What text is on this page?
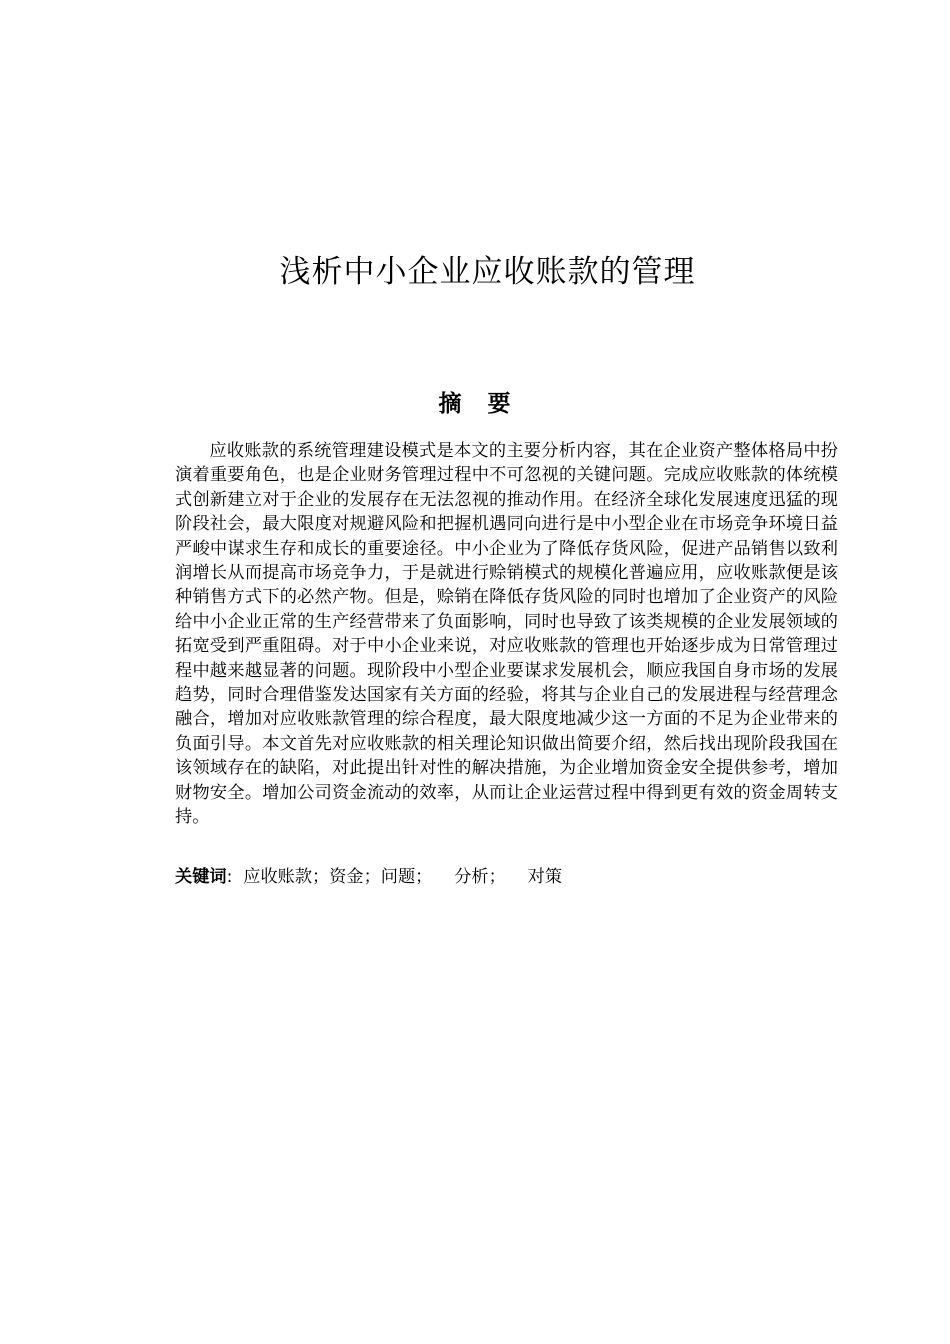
浅析中小企业应收账款的管理
摘要

应收账款的系统管理建设模式是本文的主要分析内容，其在企业资产整体格局中扮演着重要角色，也是企业财务管理过程中不可忽视的关键问题。完成应收账款的体统模式创新建立对于企业的发展存在无法忽视的推动作用。在经济全球化发展速度迅猛的现阶段社会，最大限度对规避风险和把握机遇同向进行是中小型企业在市场竞争环境日益严峻中谋求生存和成长的重要途径。中小企业为了降低存货风险，促进产品销售以致利润增长从而提高市场竞争力，于是就进行赊销模式的规模化普遍应用，应收账款便是该种销售方式下的必然产物。但是，赊销在降低存货风险的同时也增加了企业资产的风险给中小企业正常的生产经营带来了负面影响，同时也导致了该类规模的企业发展领域的拓宽受到严重阻碍。对于中小企业来说，对应收账款的管理也开始逐步成为日常管理过程中越来越显著的问题。现阶段中小型企业要谋求发展机会，顺应我国自身市场的发展趋势，同时合理借鉴发达国家有关方面的经验，将其与企业自己的发展进程与经营理念融合，增加对应收账款管理的综合程度，最大限度地减少这一方面的不足为企业带来的负面引导。本文首先对应收账款的相关理论知识做出简要介绍，然后找出现阶段我国在该领域存在的缺陷，对此提出针对性的解决措施，为企业增加资金安全提供参考，增加财物安全。增加公司资金流动的效率，从而让企业运营过程中得到更有效的资金周转支持。

关键词:  应收账款；资金；问题；    分析；    对策
